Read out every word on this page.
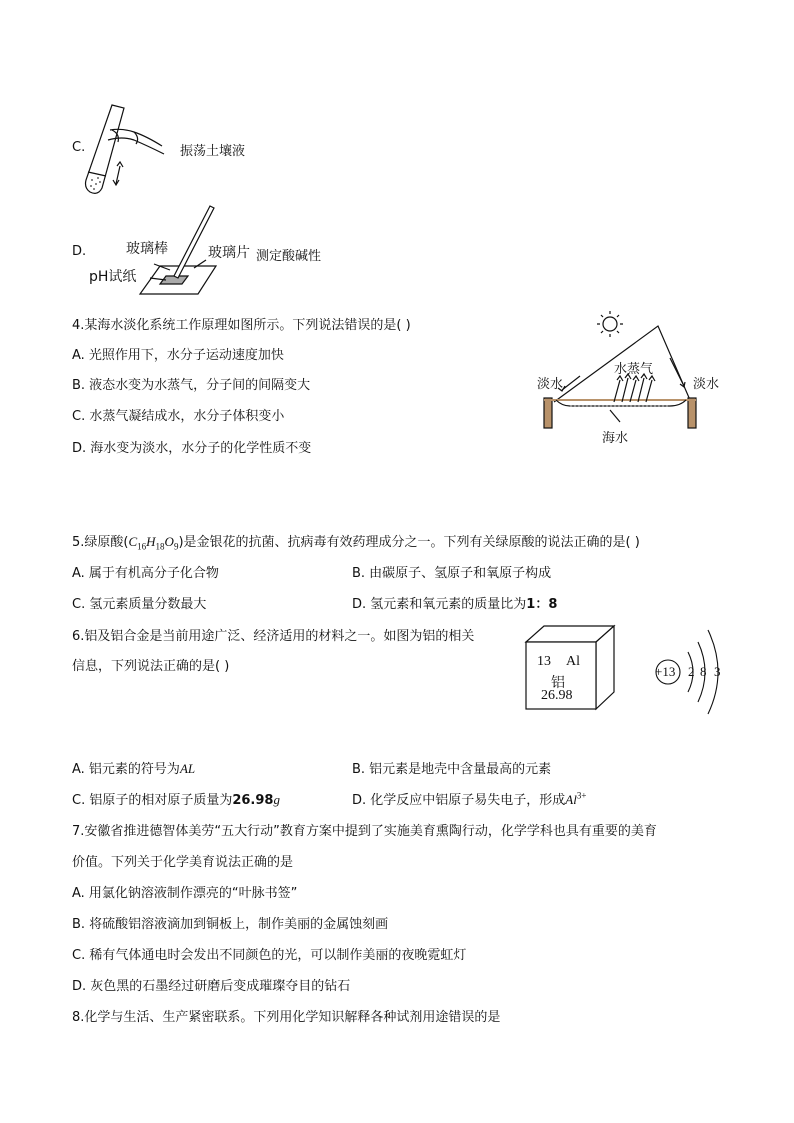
C.	振荡土壤液
D.	玻璃棒	玻璃片
pH试纸
测定酸碱性
4.某海水淡化系统工作原理如图所示。下列说法错误的是( )
A. 光照作用下，水分子运动速度加快
B. 液态水变为水蒸气，分子间的间隔变大
C. 水蒸气凝结成水，水分子体积变小
D. 海水变为淡水，水分子的化学性质不变
淡水	淡水
水蒸气
海水
5.绿原酸$(C_{16}H_{18}O_9)$是金银花的抗菌、抗病毒有效药理成分之一。下列有关绿原酸的说法正确的是( )
A. 属于有机高分子化合物	B. 由碳原子、氢原子和氧原子构成
C. 氢元素质量分数最大	D. 氢元素和氧元素的质量比为1：8
6.铝及铝合金是当前用途广泛、经济适用的材料之一。如图为铝的相关
信息，下列说法正确的是( )	13 Al
铝
26.98
+13 2 8 3
A. 铝元素的符号为AL	B. 铝元素是地壳中含量最高的元素
C. 铝原子的相对原子质量为26.98g	D. 化学反应中铝原子易失电子，形成$Al^{3+}$
7.安徽省推进德智体美劳“五大行动”教育方案中提到了实施美育熏陶行动，化学学科也具有重要的美育
价值。下列关于化学美育说法正确的是
A. 用氯化钠溶液制作漂亮的“叶脉书签”
B. 将硫酸铝溶液滴加到铜板上，制作美丽的金属蚀刻画
C. 稀有气体通电时会发出不同颜色的光，可以制作美丽的夜晚霓虹灯
D. 灰色黑的石墨经过研磨后变成璀璨夺目的钻石
8.化学与生活、生产紧密联系。下列用化学知识解释各种试剂用途错误的是
